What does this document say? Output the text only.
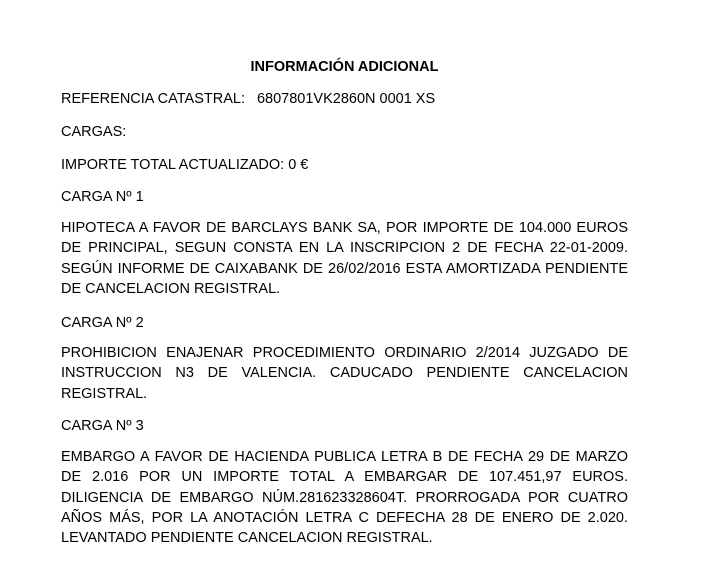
INFORMACIÓN ADICIONAL
REFERENCIA CATASTRAL: 6807801VK2860N 0001 XS
CARGAS:
IMPORTE TOTAL ACTUALIZADO: 0 €
CARGA Nº 1
HIPOTECA A FAVOR DE BARCLAYS BANK SA, POR IMPORTE DE 104.000 EUROS DE PRINCIPAL, SEGUN CONSTA EN LA INSCRIPCION 2 DE FECHA 22-01-2009. SEGÚN INFORME DE CAIXABANK DE 26/02/2016 ESTA AMORTIZADA PENDIENTE DE CANCELACION REGISTRAL.
CARGA Nº 2
PROHIBICION ENAJENAR PROCEDIMIENTO ORDINARIO 2/2014 JUZGADO DE INSTRUCCION N3 DE VALENCIA. CADUCADO PENDIENTE CANCELACION REGISTRAL.
CARGA Nº 3
EMBARGO A FAVOR DE HACIENDA PUBLICA LETRA B DE FECHA 29 DE MARZO DE 2.016 POR UN IMPORTE TOTAL A EMBARGAR DE 107.451,97 EUROS. DILIGENCIA DE EMBARGO NÚM.281623328604T. PRORROGADA POR CUATRO AÑOS MÁS, POR LA ANOTACIÓN LETRA C DEFECHA 28 DE ENERO DE 2.020. LEVANTADO PENDIENTE CANCELACION REGISTRAL.
